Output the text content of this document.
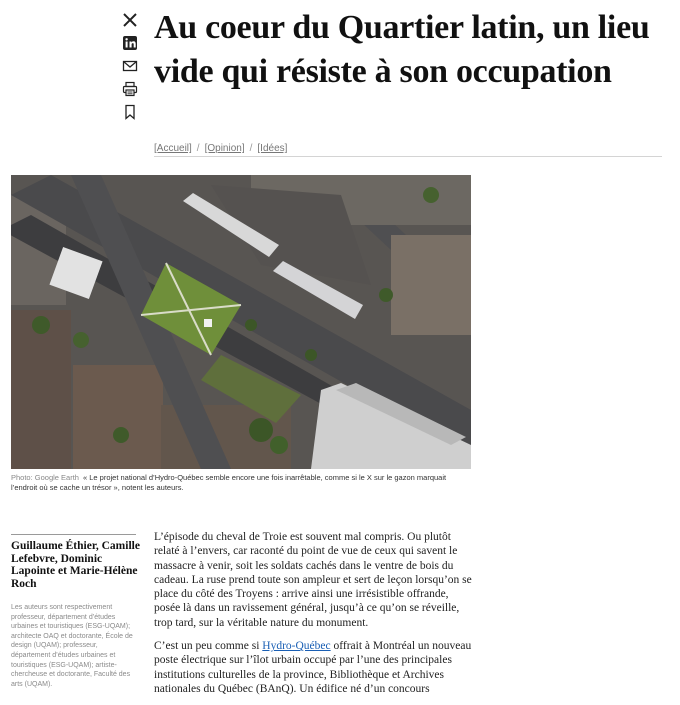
Au coeur du Quartier latin, un lieu vide qui résiste à son occupation
[Accueil] / [Opinion] / [Idées]
Photo: Google Earth « Le projet national d’Hydro-Québec semble encore une fois inarrêtable, comme si le X sur le gazon marquait l’endroit où se cache un trésor », notent les auteurs.
Guillaume Éthier, Camille Lefebvre, Dominic Lapointe et Marie-Hélène Roch
Les auteurs sont respectivement professeur, département d’études urbaines et touristiques (ESG-UQAM); architecte OAQ et doctorante, École de design (UQAM); professeur, département d’études urbaines et touristiques (ESG-UQAM); artiste-chercheuse et doctorante, Faculté des arts (UQAM).

L’épisode du cheval de Troie est souvent mal compris. Ou plutôt relaté à l’envers, car raconté du point de vue de ceux qui savent le massacre à venir, soit les soldats cachés dans le ventre de bois du cadeau. La ruse prend toute son ampleur et sert de leçon lorsqu’on se place du côté des Troyens : arrive ainsi une irrésistible offrande, posée là dans un ravissement général, jusqu’à ce qu’on se réveille, trop tard, sur la véritable nature du monument.

C’est un peu comme si Hydro-Québec offrait à Montréal un nouveau poste électrique sur l’îlot urbain occupé par l’une des principales institutions culturelles de la province, Bibliothèque et Archives nationales du Québec (BAnQ). Un édifice né d’un concours
